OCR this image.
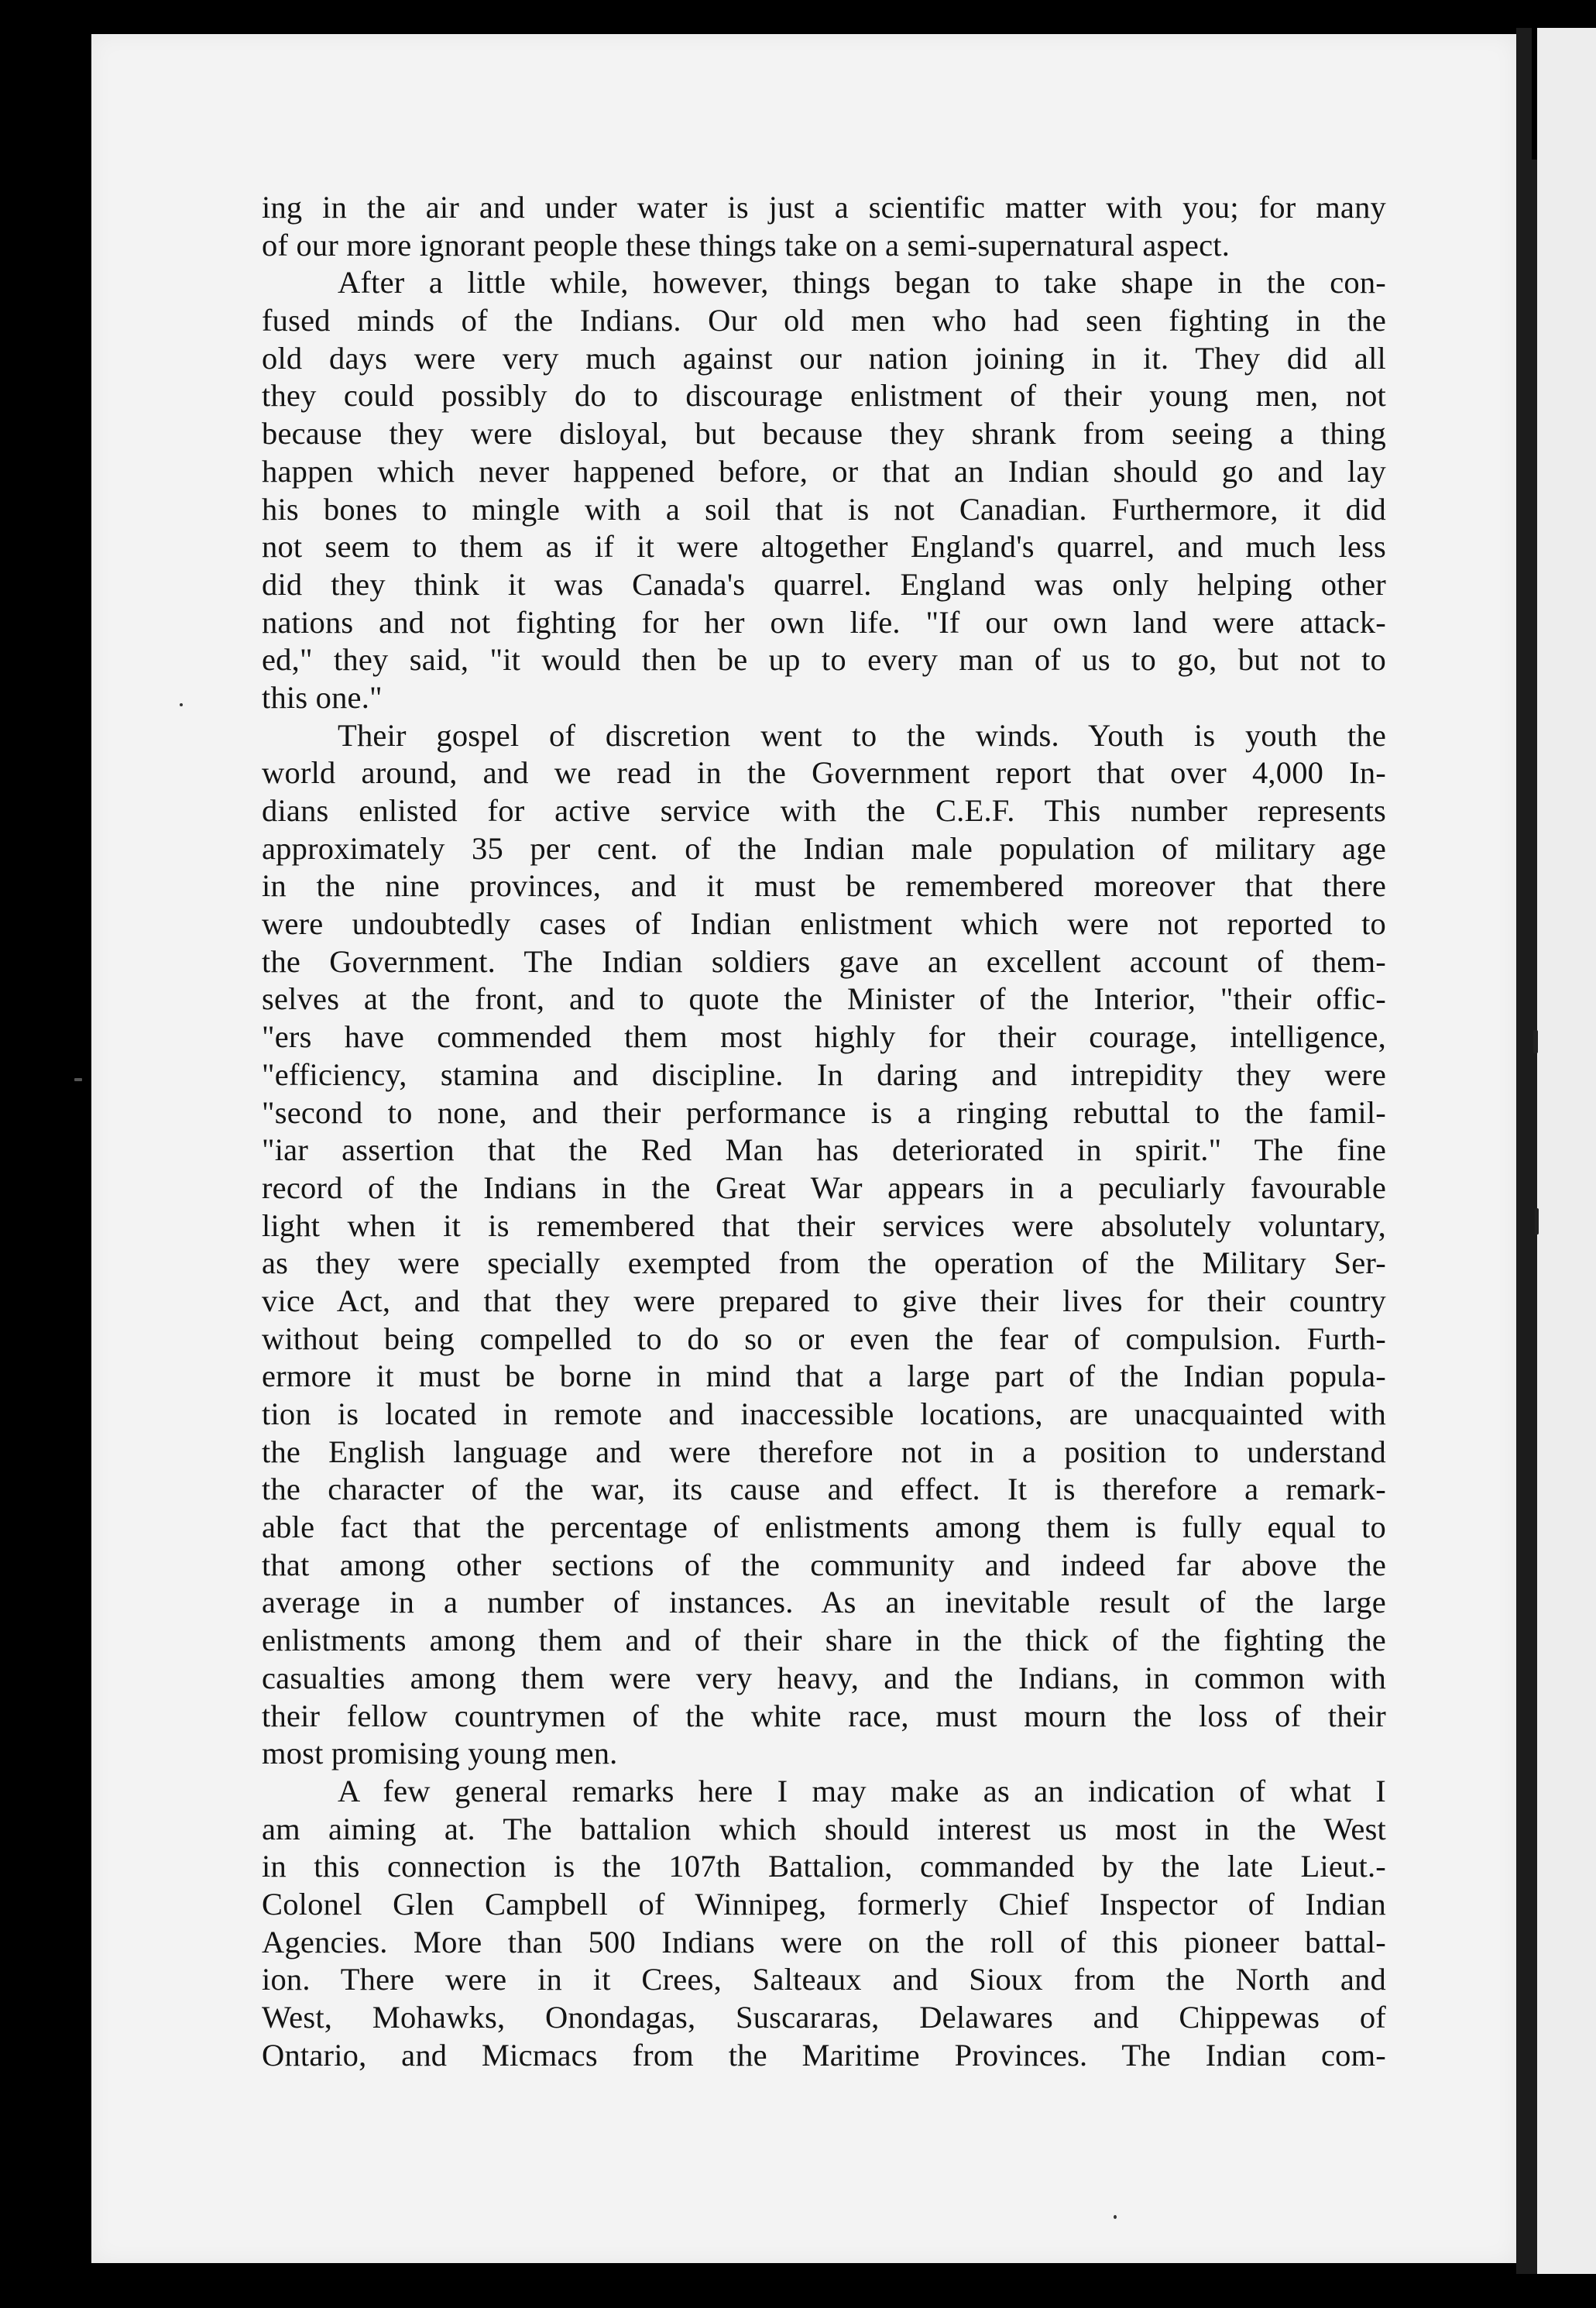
ing in the air and under water is just a scientific matter with you; for many
of our more ignorant people these things take on a semi-supernatural aspect.
After a little while, however, things began to take shape in the con-
fused minds of the Indians. Our old men who had seen fighting in the
old days were very much against our nation joining in it. They did all
they could possibly do to discourage enlistment of their young men, not
because they were disloyal, but because they shrank from seeing a thing
happen which never happened before, or that an Indian should go and lay
his bones to mingle with a soil that is not Canadian. Furthermore, it did
not seem to them as if it were altogether England's quarrel, and much less
did they think it was Canada's quarrel. England was only helping other
nations and not fighting for her own life. "If our own land were attack-
ed," they said, "it would then be up to every man of us to go, but not to
this one."
Their gospel of discretion went to the winds. Youth is youth the
world around, and we read in the Government report that over 4,000 In-
dians enlisted for active service with the C.E.F. This number represents
approximately 35 per cent. of the Indian male population of military age
in the nine provinces, and it must be remembered moreover that there
were undoubtedly cases of Indian enlistment which were not reported to
the Government. The Indian soldiers gave an excellent account of them-
selves at the front, and to quote the Minister of the Interior, "their offic-
"ers have commended them most highly for their courage, intelligence,
"efficiency, stamina and discipline. In daring and intrepidity they were
"second to none, and their performance is a ringing rebuttal to the famil-
"iar assertion that the Red Man has deteriorated in spirit." The fine
record of the Indians in the Great War appears in a peculiarly favourable
light when it is remembered that their services were absolutely voluntary,
as they were specially exempted from the operation of the Military Ser-
vice Act, and that they were prepared to give their lives for their country
without being compelled to do so or even the fear of compulsion. Furth-
ermore it must be borne in mind that a large part of the Indian popula-
tion is located in remote and inaccessible locations, are unacquainted with
the English language and were therefore not in a position to understand
the character of the war, its cause and effect. It is therefore a remark-
able fact that the percentage of enlistments among them is fully equal to
that among other sections of the community and indeed far above the
average in a number of instances. As an inevitable result of the large
enlistments among them and of their share in the thick of the fighting the
casualties among them were very heavy, and the Indians, in common with
their fellow countrymen of the white race, must mourn the loss of their
most promising young men.
A few general remarks here I may make as an indication of what I
am aiming at. The battalion which should interest us most in the West
in this connection is the 107th Battalion, commanded by the late Lieut.-
Colonel Glen Campbell of Winnipeg, formerly Chief Inspector of Indian
Agencies. More than 500 Indians were on the roll of this pioneer battal-
ion. There were in it Crees, Salteaux and Sioux from the North and
West, Mohawks, Onondagas, Suscararas, Delawares and Chippewas of
Ontario, and Micmacs from the Maritime Provinces. The Indian com-
